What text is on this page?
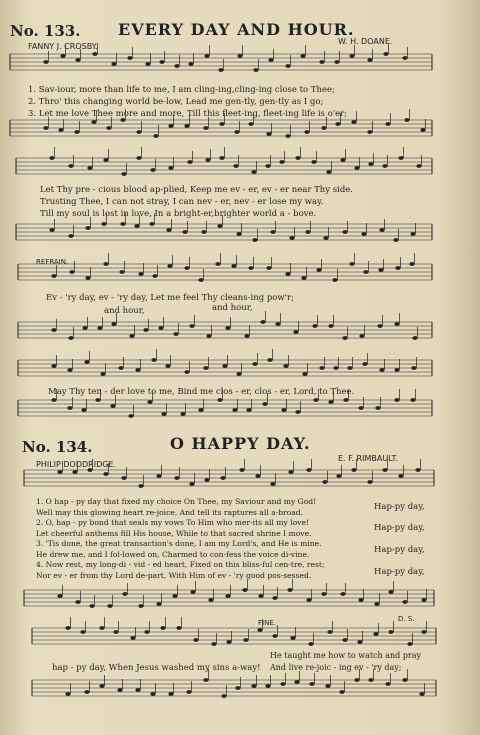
No. 133. EVERY DAY AND HOUR.
FANNY J. CROSBY.
W. H. DOANE.
1. Sav-iour, more than life to me, I am cling-ing,cling-ing close to Thee;
2. Thro' this changing world be-low, Lead me gen-tly, gen-tly as I go;
3. Let me love Thee more and more, Till this fleet-ing, fleet-ing life is o'er;
Let Thy pre - cious blood ap-plied, Keep me ev - er, ev - er near Thy side.
Trusting Thee, I can not stray, I can nev - er, nev - er lose my way.
Till my soul is lost in love, In a bright-er,brighter world a - bove.
REFRAIN.
Ev - 'ry day, ev - 'ry day, Let me feel Thy cleans-ing pow'r;
and hour,	and hour,
May Thy ten - der love to me, Bind me clos - er, clos - er, Lord, to Thee.
No. 134.	O HAPPY DAY.
PHILIP DODDRIDGE.
E. F. RIMBAULT.
1. O hap - py day that fixed my choice On Thee, my Saviour and my God!
Well may this glowing heart re-joice, And tell its raptures all a-broad.
2. O, hap - py bond that seals my vows To Him who mer-its all my love!
Let cheerful anthems fill His house, While to that sacred shrine I move.
3. 'Tis done, the great transaction's done, I am my Lord's, and He is mine.
He drew me, and I fol-lowed on, Charmed to con-fess the voice di-vine.
4. Now rest, my long-di - vid - ed heart, Fixed on this bliss-ful cen-tre, rest;
Nor ev - er from thy Lord de-part, With Him of ev - 'ry good pos-sessed.
Hap-py day,
Hap-py day,
Hap-py day,
Hap-py day,
FINE.	D. S.
hap - py day, When Jesus washed my sins a-way!
He taught me how to watch and pray
And live re-joic - ing ev - 'ry day;
